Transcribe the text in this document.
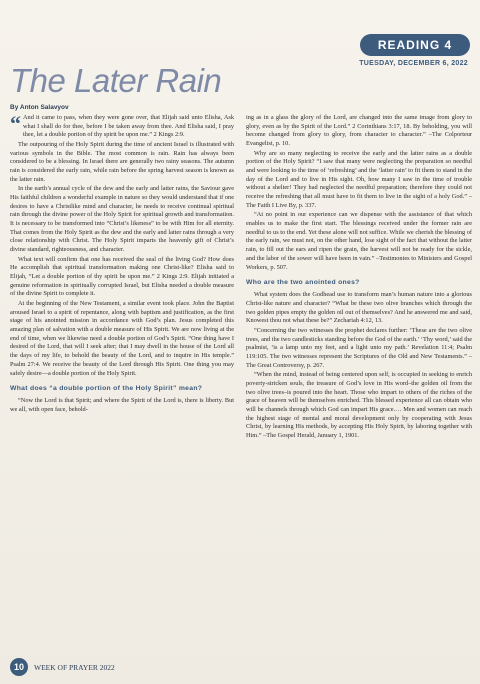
READING 4
TUESDAY, DECEMBER 6, 2022
The Later Rain
By Anton Salavyov

“ And it came to pass, when they were gone over, that Elijah said unto Elisha, Ask what I shall do for thee, before I be taken away from thee. And Elisha said, I pray thee, let a double portion of thy spirit be upon me.” 2 Kings 2:9.

The outpouring of the Holy Spirit during the time of ancient Israel is illustrated with various symbols in the Bible. The most common is rain. Rain has always been considered to be a blessing. In Israel there are generally two rainy seasons. The autumn rain is considered the early rain, while rain before the spring harvest season is known as the latter rain.

In the earth’s annual cycle of the dew and the early and latter rains, the Saviour gave His faithful children a wonderful example in nature so they would understand that if one desires to have a Christlike mind and character, he needs to receive continual spiritual rain through the divine power of the Holy Spirit for spiritual growth and transformation. It is necessary to be transformed into “Christ’s likeness” to be with Him for all eternity. That comes from the Holy Spirit as the dew and the early and latter rains through a very close relationship with Christ. The Holy Spirit imparts the heavenly gift of Christ’s divine standard, righteousness, and character.

What text will confirm that one has received the seal of the living God? How does He accomplish that spiritual transformation making one Christ-like? Elisha said to Elijah, “Let a double portion of thy spirit be upon me.” 2 Kings 2:9. Elijah initiated a genuine reformation in spiritually corrupted Israel, but Elisha needed a double measure of the divine Spirit to complete it.

At the beginning of the New Testament, a similar event took place. John the Baptist aroused Israel to a spirit of repentance, along with baptism and justification, as the first stage of his anointed mission in accordance with God’s plan. Jesus completed this amazing plan of salvation with a double measure of His Spirit. We are now living at the end of time, when we likewise need a double portion of God’s Spirit. “One thing have I desired of the Lord, that will I seek after; that I may dwell in the house of the Lord all the days of my life, to behold the beauty of the Lord, and to inquire in His temple.” Psalm 27:4. We receive the beauty of the Lord through His Spirit. One thing you may safely desire—a double portion of the Holy Spirit.

What does “a double portion of the Holy Spirit” mean?

“Now the Lord is that Spirit; and where the Spirit of the Lord is, there is liberty. But we all, with open face, behold-

ing as in a glass the glory of the Lord, are changed into the same image from glory to glory, even as by the Spirit of the Lord.” 2 Corinthians 3:17, 18. By beholding, you will become changed from glory to glory, from character to character.” –The Colporteur Evangelist, p. 10.

Why are so many neglecting to receive the early and the latter rains as a double portion of the Holy Spirit? “I saw that many were neglecting the preparation so needful and were looking to the time of ‘refreshing’ and the ‘latter rain’ to fit them to stand in the day of the Lord and to live in His sight. Oh, how many I saw in the time of trouble without a shelter! They had neglected the needful preparation; therefore they could not receive the refreshing that all must have to fit them to live in the sight of a holy God.” –The Faith I Live By, p. 337.

“At no point in our experience can we dispense with the assistance of that which enables us to make the first start. The blessings received under the former rain are needful to us to the end. Yet these alone will not suffice. While we cherish the blessing of the early rain, we must not, on the other hand, lose sight of the fact that without the latter rain, to fill out the ears and ripen the grain, the harvest will not be ready for the sickle, and the labor of the sower will have been in vain.” –Testimonies to Ministers and Gospel Workers, p. 507.

Who are the two anointed ones?

What system does the Godhead use to transform man’s human nature into a glorious Christ-like nature and character? “What be these two olive branches which through the two golden pipes empty the golden oil out of themselves? And he answered me and said, Knowest thou not what these be?” Zechariah 4:12, 13.

“Concerning the two witnesses the prophet declares further: ‘These are the two olive trees, and the two candlesticks standing before the God of the earth.’ ‘Thy word,’ said the psalmist, ‘is a lamp unto my feet, and a light unto my path.’ Revelation 11:4; Psalm 119:105. The two witnesses represent the Scriptures of the Old and New Testaments.” –The Great Controversy, p. 267.

“When the mind, instead of being centered upon self, is occupied in seeking to enrich poverty-stricken souls, the treasure of God’s love in His word–the golden oil from the two olive trees–is poured into the heart. Those who impart to others of the riches of the grace of heaven will be themselves enriched. This blessed experience all can obtain who will be channels through which God can impart His grace.… Men and women can reach the highest stage of mental and moral development only by cooperating with Jesus Christ, by learning His methods, by accepting His Holy Spirit, by laboring together with Him.” –The Gospel Herald, January 1, 1901.

10	WEEK OF PRAYER 2022
